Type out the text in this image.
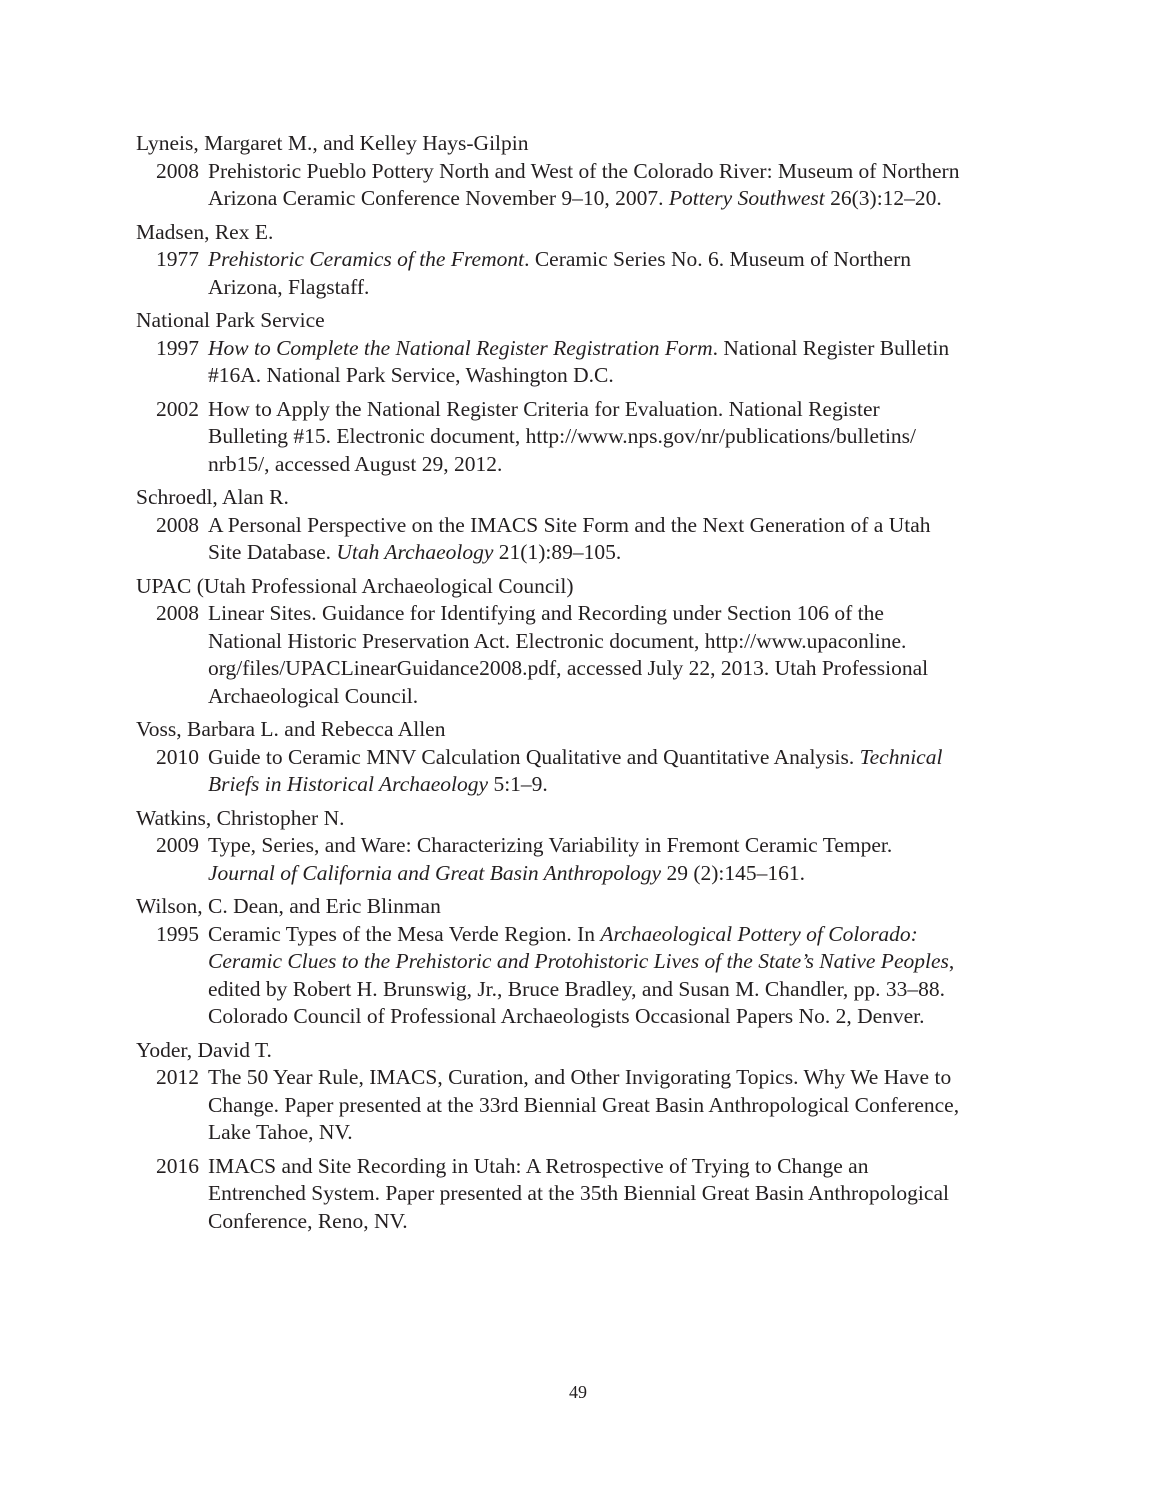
Lyneis, Margaret M., and Kelley Hays-Gilpin

2008 Prehistoric Pueblo Pottery North and West of the Colorado River: Museum of Northern
Arizona Ceramic Conference November 9–10, 2007. Pottery Southwest 26(3):12–20.

Madsen, Rex E.

1977 Prehistoric Ceramics of the Fremont. Ceramic Series No. 6. Museum of Northern
Arizona, Flagstaff.

National Park Service

1997 How to Complete the National Register Registration Form. National Register Bulletin
#16A. National Park Service, Washington D.C.
2002 How to Apply the National Register Criteria for Evaluation. National Register
Bulleting #15. Electronic document, http://www.nps.gov/nr/publications/bulletins/
nrb15/, accessed August 29, 2012.

Schroedl, Alan R.

2008 A Personal Perspective on the IMACS Site Form and the Next Generation of a Utah
Site Database. Utah Archaeology 21(1):89–105.

UPAC (Utah Professional Archaeological Council)

2008 Linear Sites. Guidance for Identifying and Recording under Section 106 of the
National Historic Preservation Act. Electronic document, http://www.upaconline.
org/files/UPACLinearGuidance2008.pdf, accessed July 22, 2013. Utah Professional
Archaeological Council.

Voss, Barbara L. and Rebecca Allen

2010 Guide to Ceramic MNV Calculation Qualitative and Quantitative Analysis. Technical
Briefs in Historical Archaeology 5:1–9.

Watkins, Christopher N.

2009 Type, Series, and Ware: Characterizing Variability in Fremont Ceramic Temper.
Journal of California and Great Basin Anthropology 29 (2):145–161.

Wilson, C. Dean, and Eric Blinman

1995 Ceramic Types of the Mesa Verde Region. In Archaeological Pottery of Colorado:
Ceramic Clues to the Prehistoric and Protohistoric Lives of the State’s Native Peoples,
edited by Robert H. Brunswig, Jr., Bruce Bradley, and Susan M. Chandler, pp. 33–88.
Colorado Council of Professional Archaeologists Occasional Papers No. 2, Denver.

Yoder, David T.

2012 The 50 Year Rule, IMACS, Curation, and Other Invigorating Topics. Why We Have to
Change. Paper presented at the 33rd Biennial Great Basin Anthropological Conference,
Lake Tahoe, NV.
2016 IMACS and Site Recording in Utah: A Retrospective of Trying to Change an
Entrenched System. Paper presented at the 35th Biennial Great Basin Anthropological
Conference, Reno, NV.
49
